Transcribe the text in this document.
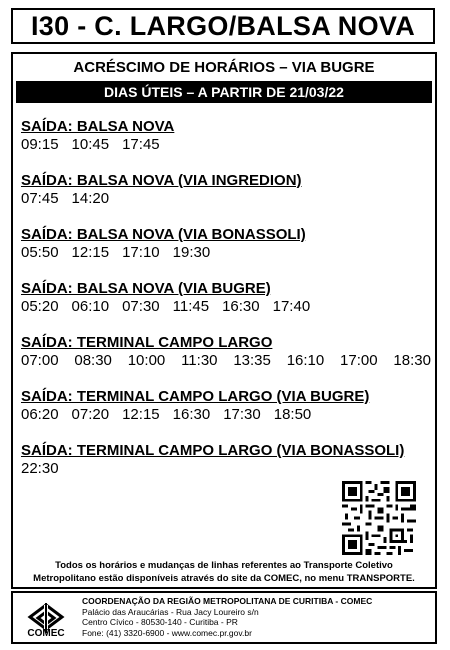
I30 - C. LARGO/BALSA NOVA
ACRÉSCIMO DE HORÁRIOS – VIA BUGRE
DIAS ÚTEIS – A PARTIR DE 21/03/22
SAÍDA: BALSA NOVA
09:15 10:45 17:45
SAÍDA: BALSA NOVA (VIA INGREDION)
07:45 14:20
SAÍDA: BALSA NOVA (VIA BONASSOLI)
05:50 12:15 17:10 19:30
SAÍDA: BALSA NOVA (VIA BUGRE)
05:20 06:10 07:30 11:45 16:30 17:40
SAÍDA: TERMINAL CAMPO LARGO
07:00 08:30 10:00 11:30 13:35 16:10 17:00 18:30
SAÍDA: TERMINAL CAMPO LARGO (VIA BUGRE)
06:20 07:20 12:15 16:30 17:30 18:50
SAÍDA: TERMINAL CAMPO LARGO (VIA BONASSOLI)
22:30
Todos os horários e mudanças de linhas referentes ao Transporte Coletivo
Metropolitano estão disponíveis através do site da COMEC, no menu TRANSPORTE.
COMEC
COORDENAÇÃO DA REGIÃO METROPOLITANA DE CURITIBA - COMEC
Palácio das Araucárias - Rua Jacy Loureiro s/n
Centro Cívico - 80530-140 - Curitiba - PR
Fone: (41) 3320-6900 - www.comec.pr.gov.br
